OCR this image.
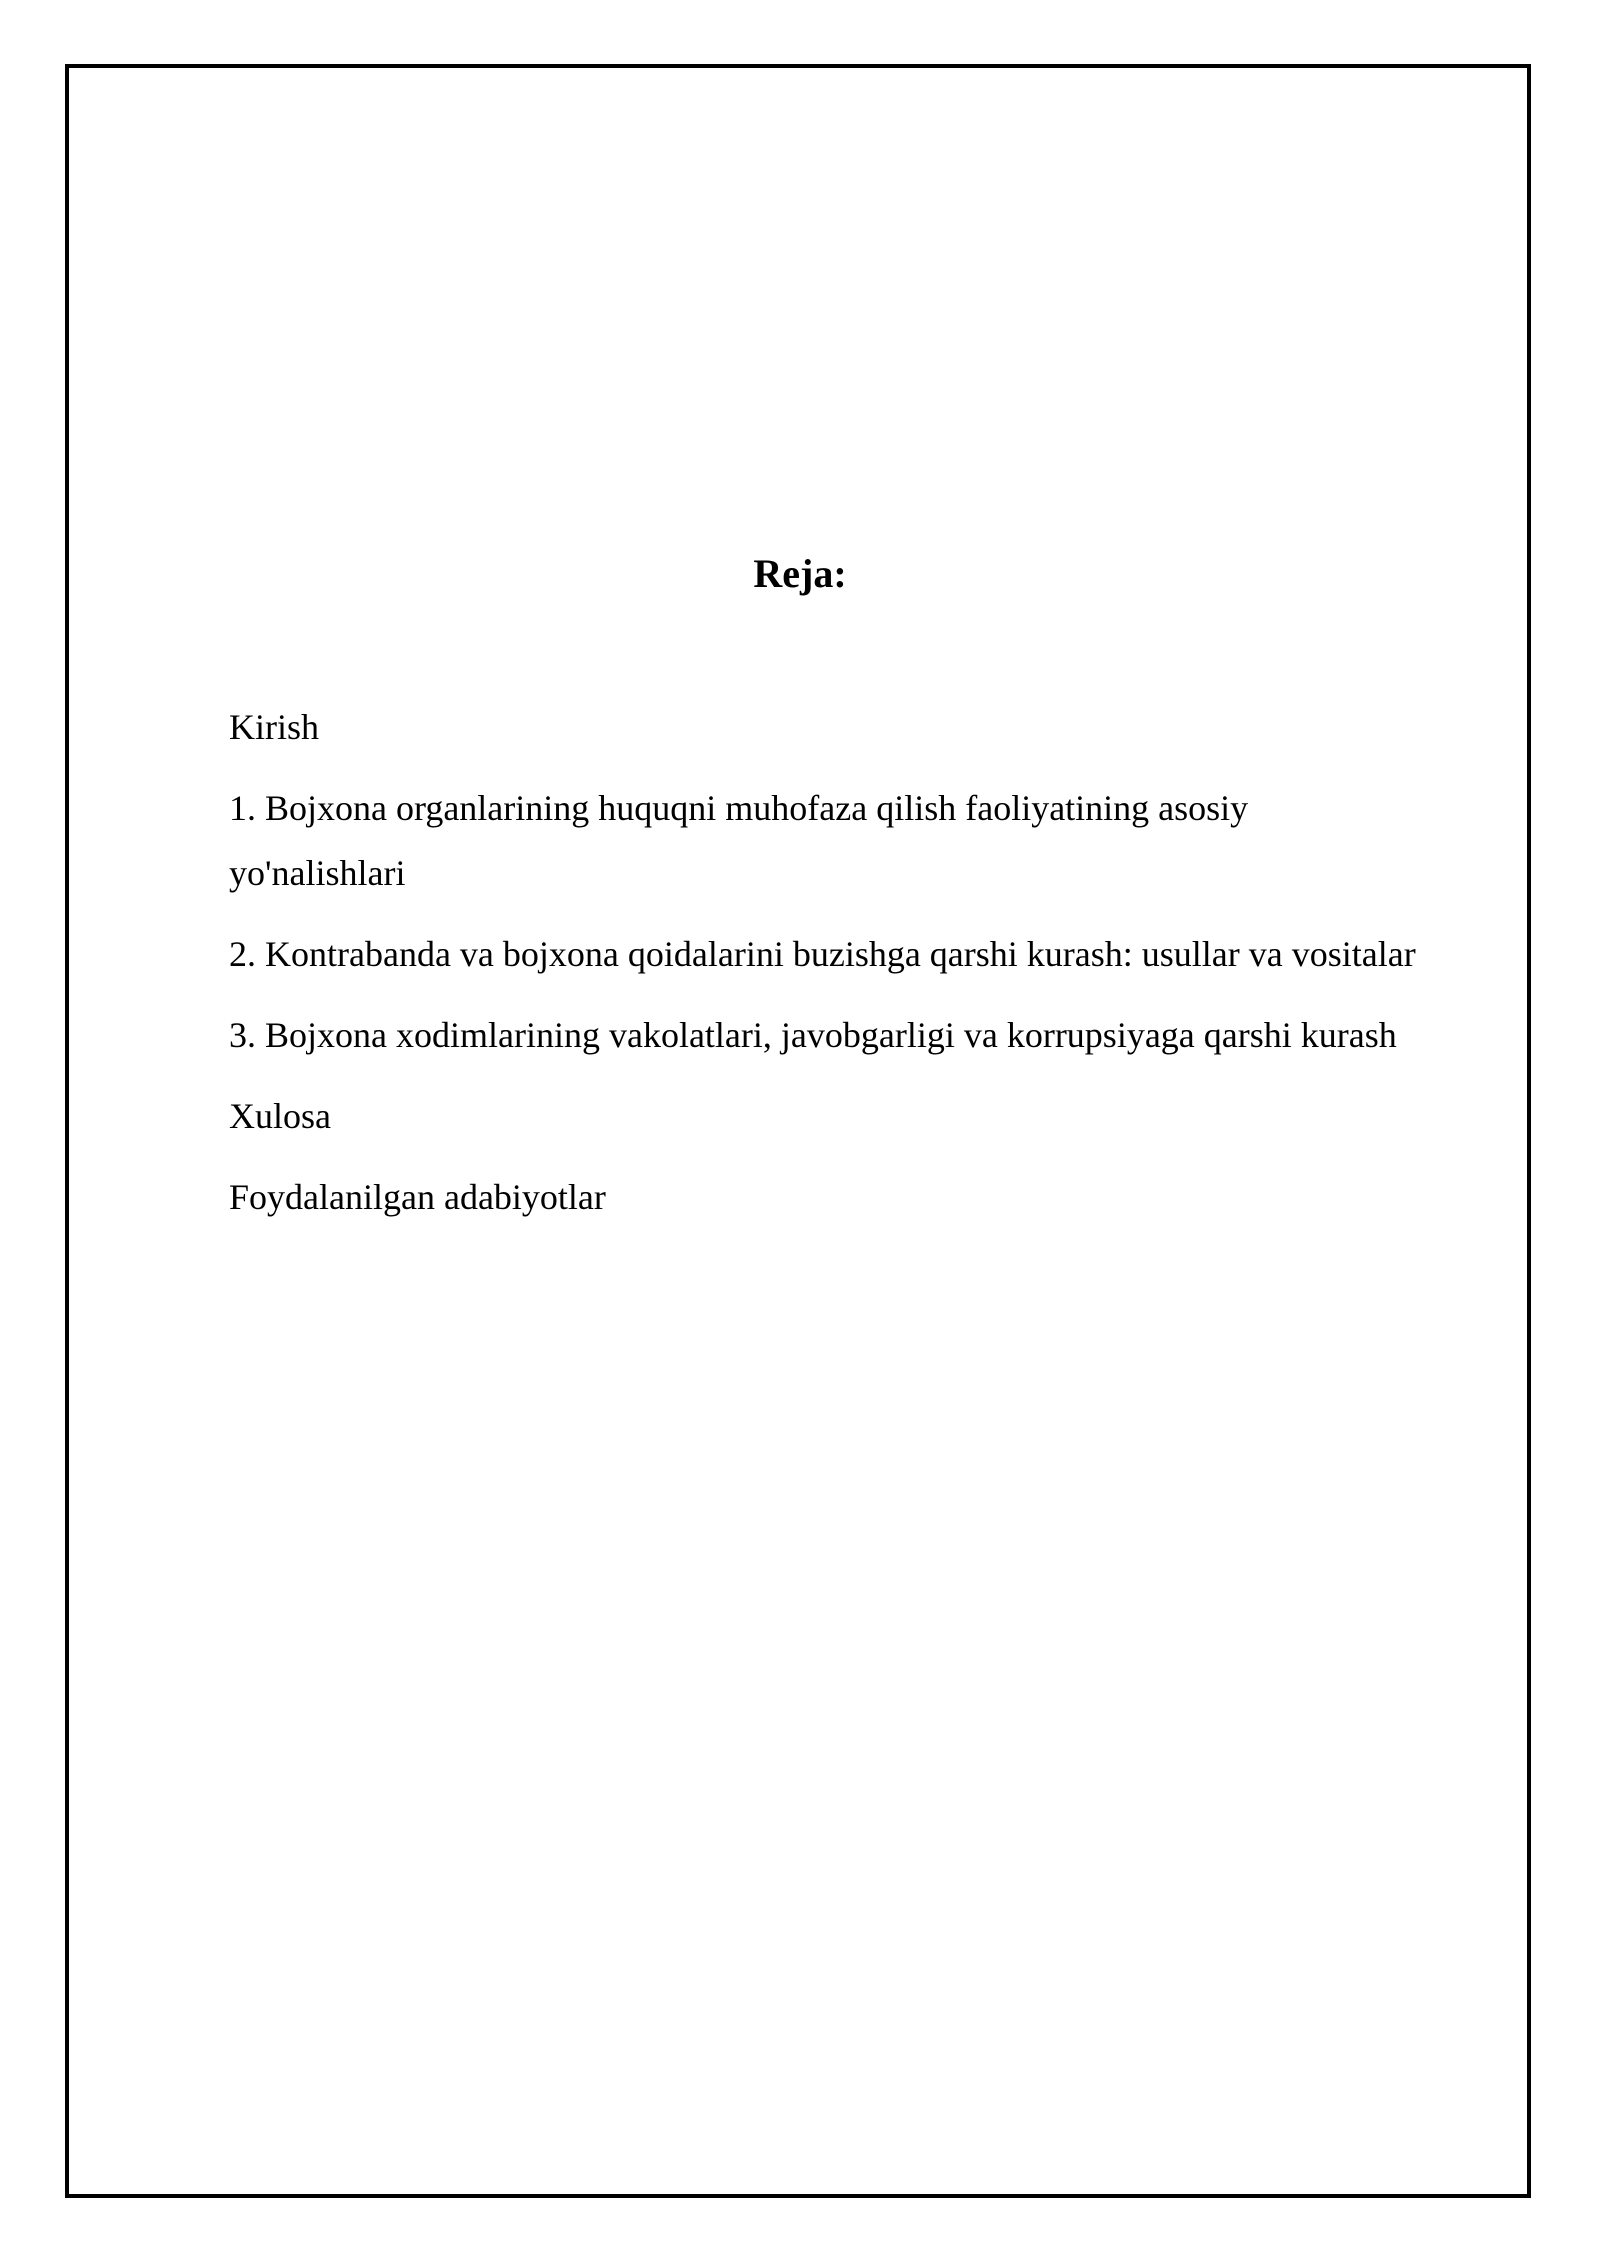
Reja:
Kirish
1. Bojxona organlarining huquqni muhofaza qilish faoliyatining asosiy yo'nalishlari
2. Kontrabanda va bojxona qoidalarini buzishga qarshi kurash: usullar va vositalar
3. Bojxona xodimlarining vakolatlari, javobgarligi va korrupsiyaga qarshi kurash
Xulosa
Foydalanilgan adabiyotlar
